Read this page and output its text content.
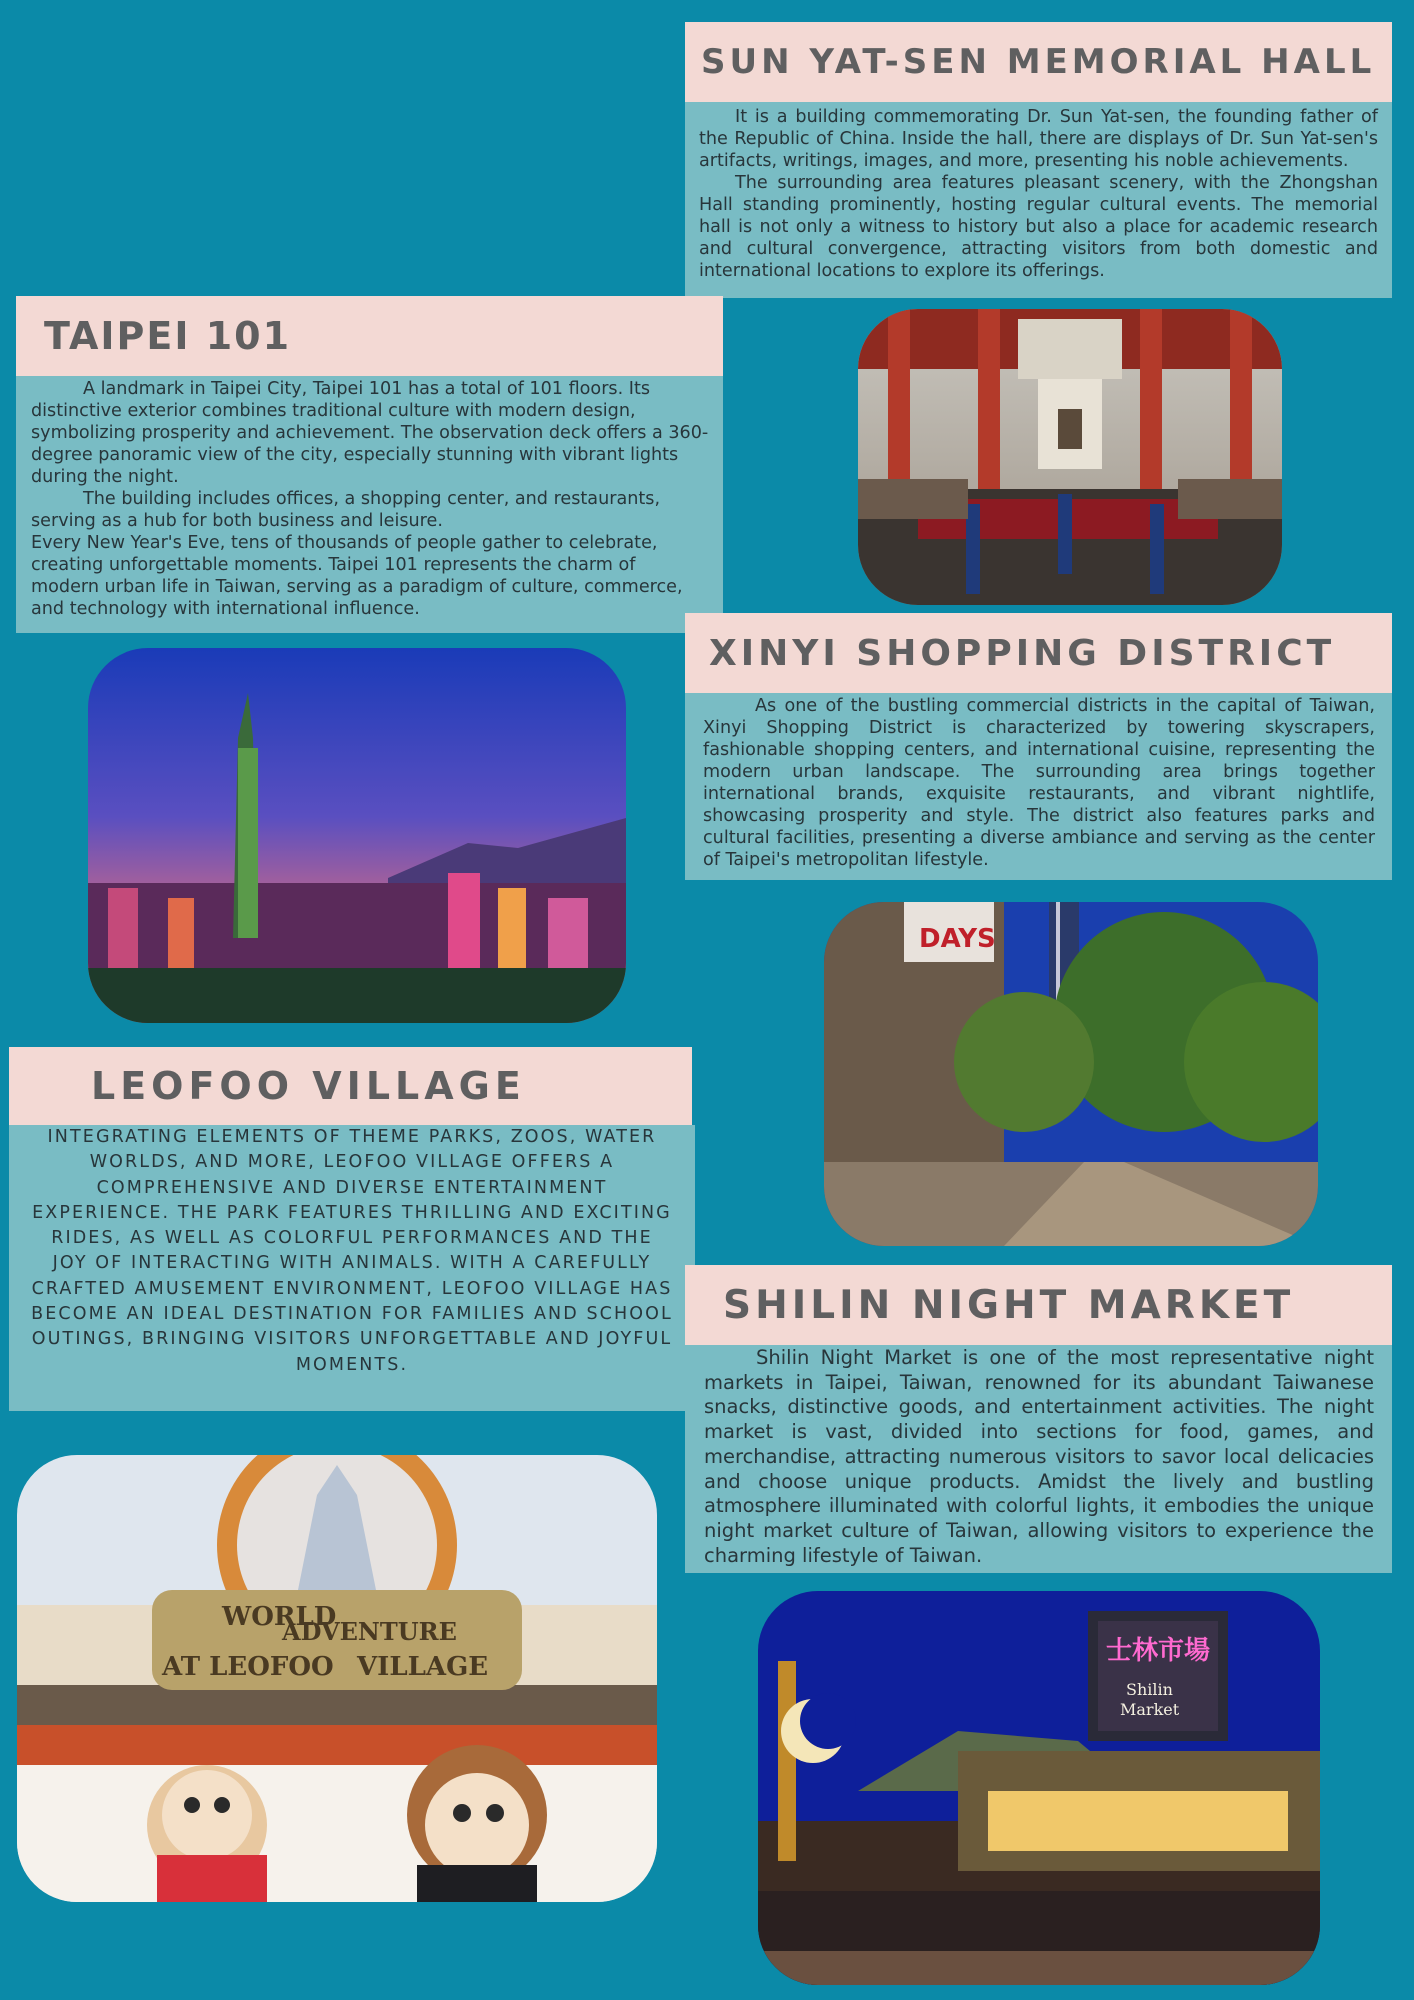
SUN YAT-SEN MEMORIAL HALL

It is a building commemorating Dr. Sun Yat-sen, the founding father of the Republic of China. Inside the hall, there are displays of Dr. Sun Yat-sen's artifacts, writings, images, and more, presenting his noble achievements.

The surrounding area features pleasant scenery, with the Zhongshan Hall standing prominently, hosting regular cultural events. The memorial hall is not only a witness to history but also a place for academic research and cultural convergence, attracting visitors from both domestic and international locations to explore its offerings.

TAIPEI 101

A landmark in Taipei City, Taipei 101 has a total of 101 floors. Its distinctive exterior combines traditional culture with modern design, symbolizing prosperity and achievement. The observation deck offers a 360-degree panoramic view of the city, especially stunning with vibrant lights during the night.

The building includes offices, a shopping center, and restaurants, serving as a hub for both business and leisure.

Every New Year's Eve, tens of thousands of people gather to celebrate, creating unforgettable moments. Taipei 101 represents the charm of modern urban life in Taiwan, serving as a paradigm of culture, commerce, and technology with international influence.

XINYI SHOPPING DISTRICT

As one of the bustling commercial districts in the capital of Taiwan, Xinyi Shopping District is characterized by towering skyscrapers, fashionable shopping centers, and international cuisine, representing the modern urban landscape. The surrounding area brings together international brands, exquisite restaurants, and vibrant nightlife, showcasing prosperity and style. The district also features parks and cultural facilities, presenting a diverse ambiance and serving as the center of Taipei's metropolitan lifestyle.

DAYS
LEOFOO VILLAGE

INTEGRATING ELEMENTS OF THEME PARKS, ZOOS, WATER WORLDS, AND MORE, LEOFOO VILLAGE OFFERS A COMPREHENSIVE AND DIVERSE ENTERTAINMENT EXPERIENCE. THE PARK FEATURES THRILLING AND EXCITING RIDES, AS WELL AS COLORFUL PERFORMANCES AND THE JOY OF INTERACTING WITH ANIMALS. WITH A CAREFULLY CRAFTED AMUSEMENT ENVIRONMENT, LEOFOO VILLAGE HAS BECOME AN IDEAL DESTINATION FOR FAMILIES AND SCHOOL OUTINGS, BRINGING VISITORS UNFORGETTABLE AND JOYFUL MOMENTS.

SHILIN NIGHT MARKET

Shilin Night Market is one of the most representative night markets in Taipei, Taiwan, renowned for its abundant Taiwanese snacks, distinctive goods, and entertainment activities. The night market is vast, divided into sections for food, games, and merchandise, attracting numerous visitors to savor local delicacies and choose unique products. Amidst the lively and bustling atmosphere illuminated with colorful lights, it embodies the unique night market culture of Taiwan, allowing visitors to experience the charming lifestyle of Taiwan.

WORLD
ADVENTURE
AT LEOFOO VILLAGE
士林市場
Shilin
Market
